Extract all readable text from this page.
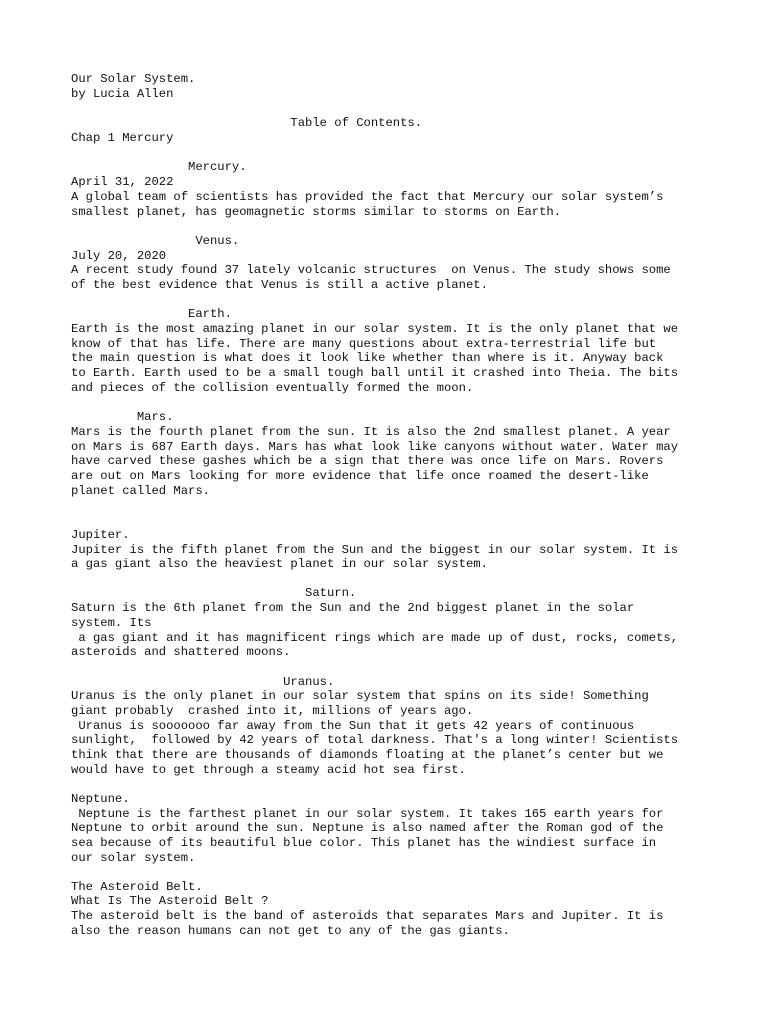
Our Solar System.

by Lucia Allen

Table of Contents.

Chap 1 Mercury

Mercury.

April 31, 2022

A global team of scientists has provided the fact that Mercury our solar system’s

smallest planet, has geomagnetic storms similar to storms on Earth.

Venus.

July 20, 2020

A recent study found 37 lately volcanic structures  on Venus. The study shows some

of the best evidence that Venus is still a active planet.

Earth.

Earth is the most amazing planet in our solar system. It is the only planet that we

know of that has life. There are many questions about extra-terrestrial life but

the main question is what does it look like whether than where is it. Anyway back

to Earth. Earth used to be a small tough ball until it crashed into Theia. The bits

and pieces of the collision eventually formed the moon.

Mars.

Mars is the fourth planet from the sun. It is also the 2nd smallest planet. A year

on Mars is 687 Earth days. Mars has what look like canyons without water. Water may

have carved these gashes which be a sign that there was once life on Mars. Rovers

are out on Mars looking for more evidence that life once roamed the desert-like

planet called Mars.

Jupiter.

Jupiter is the fifth planet from the Sun and the biggest in our solar system. It is

a gas giant also the heaviest planet in our solar system.

Saturn.

Saturn is the 6th planet from the Sun and the 2nd biggest planet in the solar

system. Its

a gas giant and it has magnificent rings which are made up of dust, rocks, comets,

asteroids and shattered moons.

Uranus.

Uranus is the only planet in our solar system that spins on its side! Something

giant probably  crashed into it, millions of years ago.

Uranus is sooooooo far away from the Sun that it gets 42 years of continuous

sunlight,  followed by 42 years of total darkness. That's a long winter! Scientists

think that there are thousands of diamonds floating at the planet’s center but we

would have to get through a steamy acid hot sea first.

Neptune.

Neptune is the farthest planet in our solar system. It takes 165 earth years for

Neptune to orbit around the sun. Neptune is also named after the Roman god of the

sea because of its beautiful blue color. This planet has the windiest surface in

our solar system.

The Asteroid Belt.

What Is The Asteroid Belt ?

The asteroid belt is the band of asteroids that separates Mars and Jupiter. It is

also the reason humans can not get to any of the gas giants.
